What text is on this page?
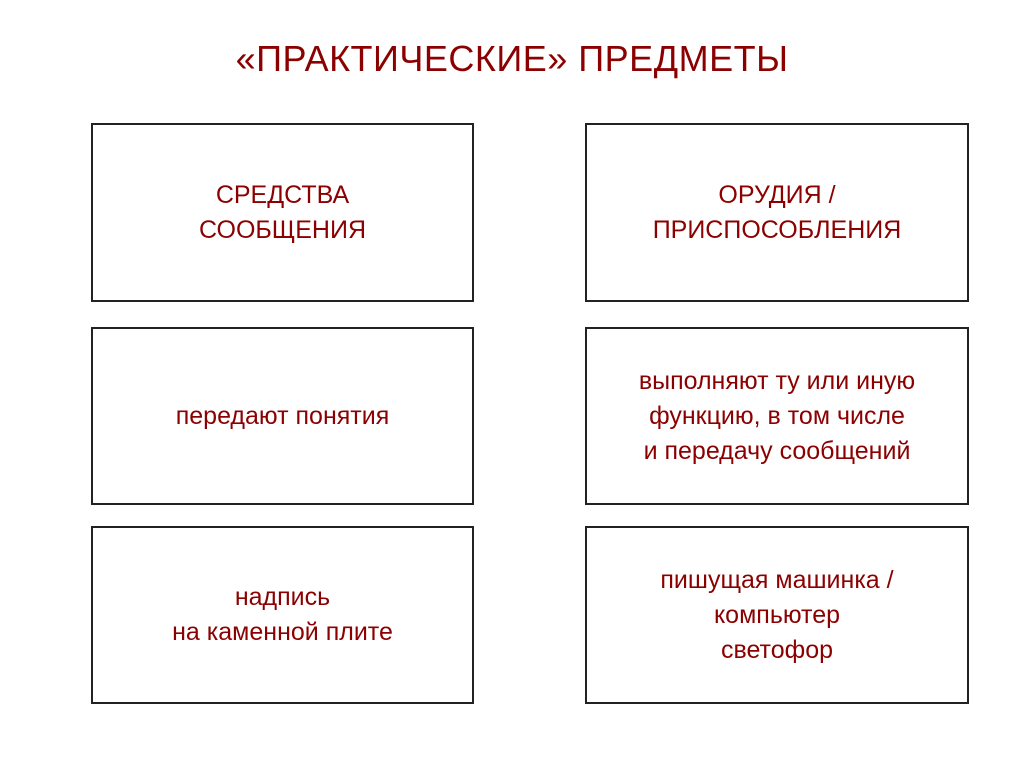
«ПРАКТИЧЕСКИЕ» ПРЕДМЕТЫ
СРЕДСТВА
СООБЩЕНИЯ
ОРУДИЯ /
ПРИСПОСОБЛЕНИЯ
передают понятия
выполняют ту или иную
функцию, в том числе
и передачу сообщений
надпись
на каменной плите
пишущая машинка /
компьютер
светофор
